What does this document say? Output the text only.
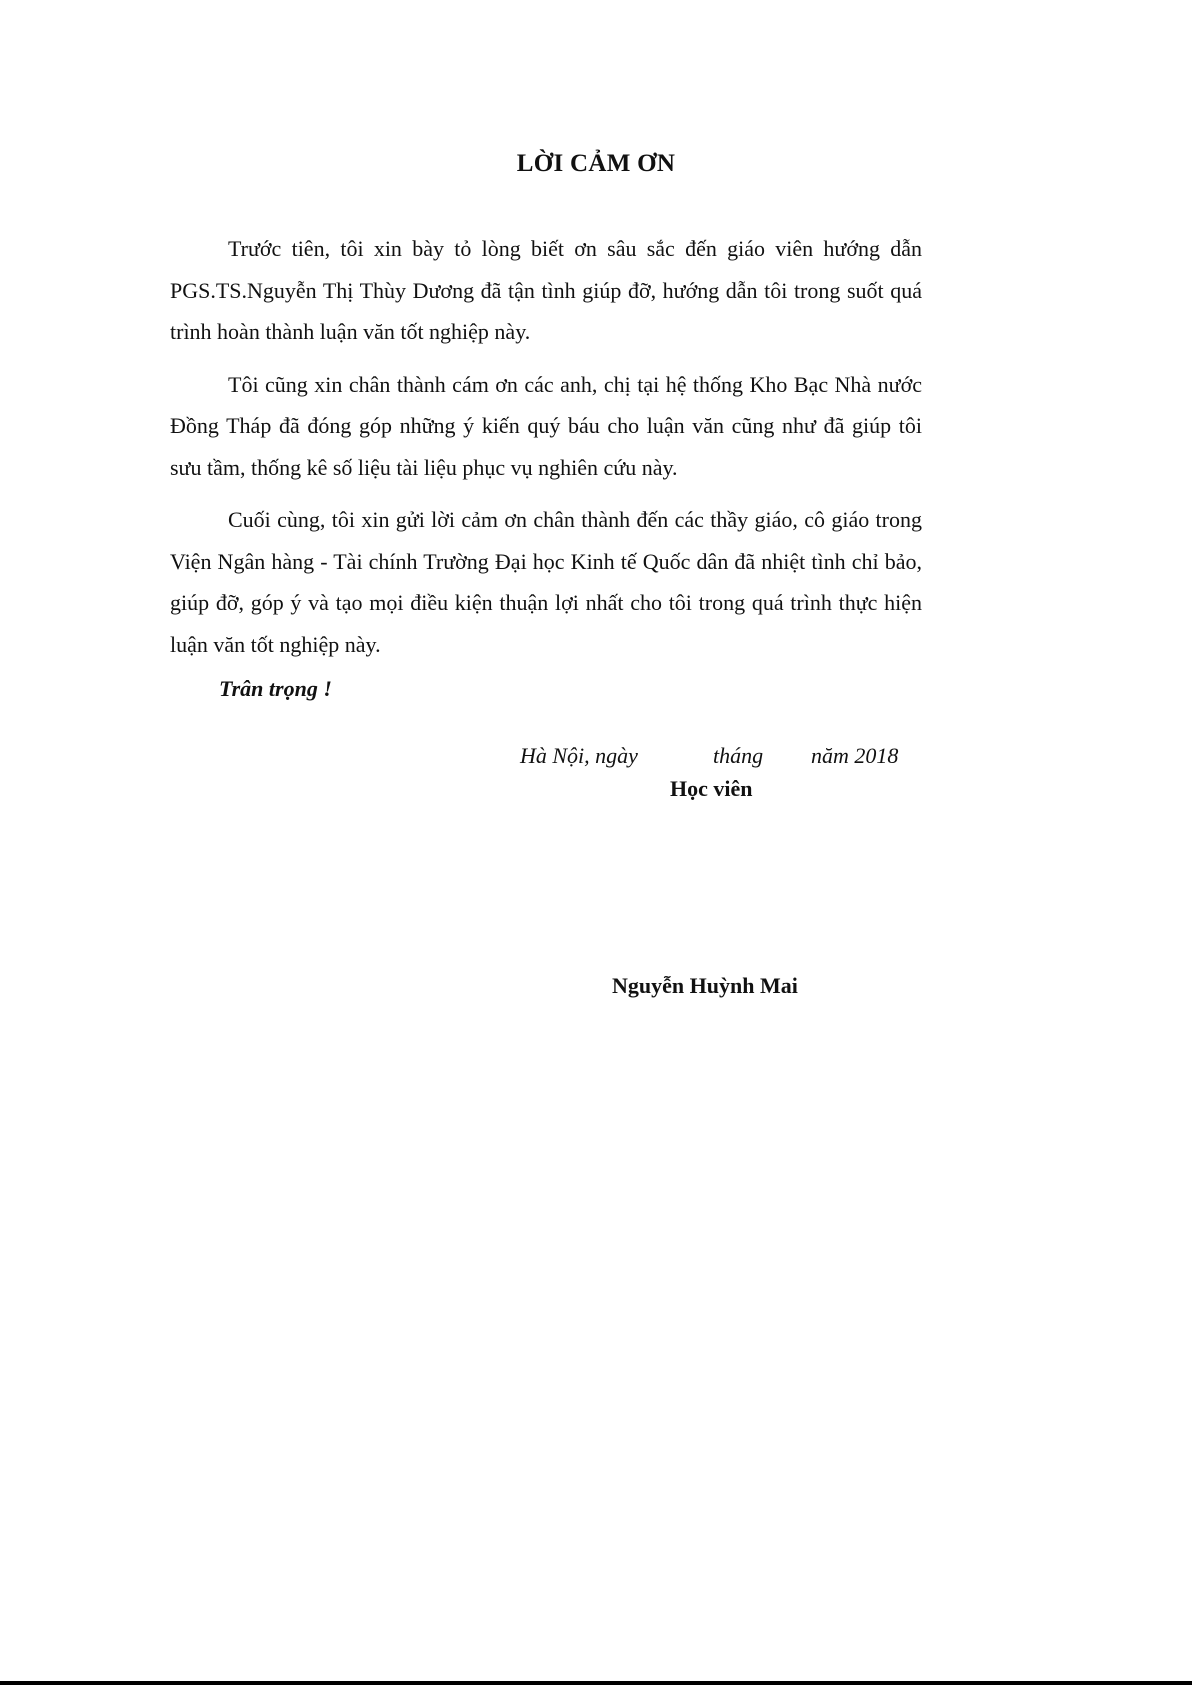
LỜI CẢM ƠN

Trước tiên, tôi xin bày tỏ lòng biết ơn sâu sắc đến giáo viên hướng dẫn PGS.TS.Nguyễn Thị Thùy Dương đã tận tình giúp đỡ, hướng dẫn tôi trong suốt quá trình hoàn thành luận văn tốt nghiệp này.

Tôi cũng xin chân thành cám ơn các anh, chị tại hệ thống Kho Bạc Nhà nước Đồng Tháp đã đóng góp những ý kiến quý báu cho luận văn cũng như đã giúp tôi sưu tầm, thống kê số liệu tài liệu phục vụ nghiên cứu này.

Cuối cùng, tôi xin gửi lời cảm ơn chân thành đến các thầy giáo, cô giáo trong Viện Ngân hàng - Tài chính Trường Đại học Kinh tế Quốc dân đã nhiệt tình chỉ bảo, giúp đỡ, góp ý và tạo mọi điều kiện thuận lợi nhất cho tôi trong quá trình thực hiện luận văn tốt nghiệp này.

Trân trọng !
Hà Nội, ngày	tháng năm 2018
Học viên
Nguyễn Huỳnh Mai
